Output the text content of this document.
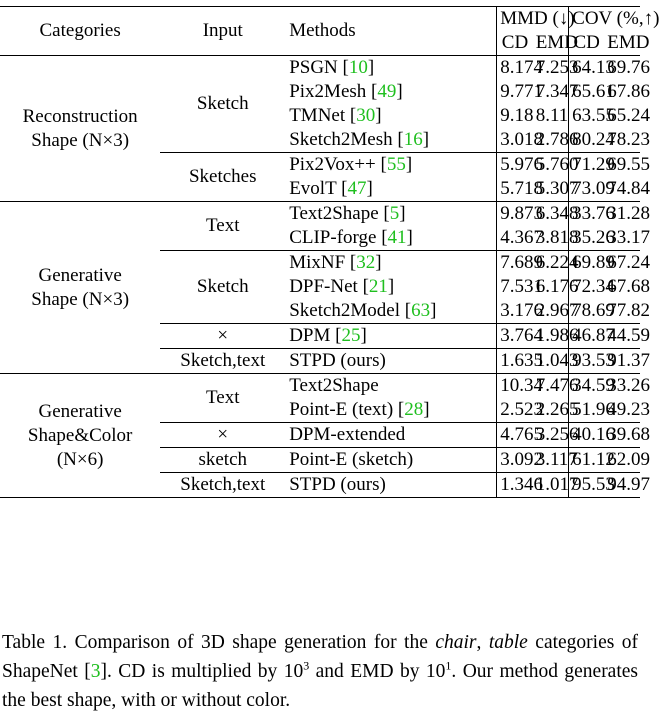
Categories	Input	Methods	MMD (↓)		COV (%,↑)	
			CD	EMD	CD	EMD

Reconstruction
Shape (N×3)	Sketch	PSGN [10]	8.174	7.253	64.13	69.76
		Pix2Mesh [49]	9.771	7.347	65.61	67.86
		TMNet [30]	9.18	8.11	63.55	65.24
		Sketch2Mesh [16]	3.018	2.786	80.24	78.23
	Sketches	Pix2Vox++ [55]	5.976	5.760	71.29	69.55
		EvolT [47]	5.718	5.307	73.09	74.84

Generative
Shape (N×3)	Text	Text2Shape [5]	9.873	6.348	33.76	31.28
		CLIP-forge [41]	4.367	3.818	35.26	33.17
	Sketch	MixNF [32]	7.689	6.224	69.89	67.24
		DPF-Net [21]	7.531	6.176	72.34	67.68
		Sketch2Model [63]	3.176	2.967	78.69	77.82
	×	DPM [25]	3.764	1.986	46.87	44.59
	Sketch,text	STPD (ours)	1.635	1.043	93.53	91.37

Generative
Shape&Color
(N×6)	Text	Text2Shape	10.34	7.476	34.59	33.26
		Point-E (text) [28]	2.523	2.265	51.96	49.23
	×	DPM-extended	4.765	3.256	40.16	39.68
	sketch	Point-E (sketch)	3.092	3.117	61.12	62.09
	Sketch,text	STPD (ours)	1.346	1.017	95.53	94.97
Table 1. Comparison of 3D shape generation for the chair, table categories of ShapeNet [3]. CD is multiplied by $10^3$ and EMD by $10^1$. Our method generates the best shape, with or without color.
